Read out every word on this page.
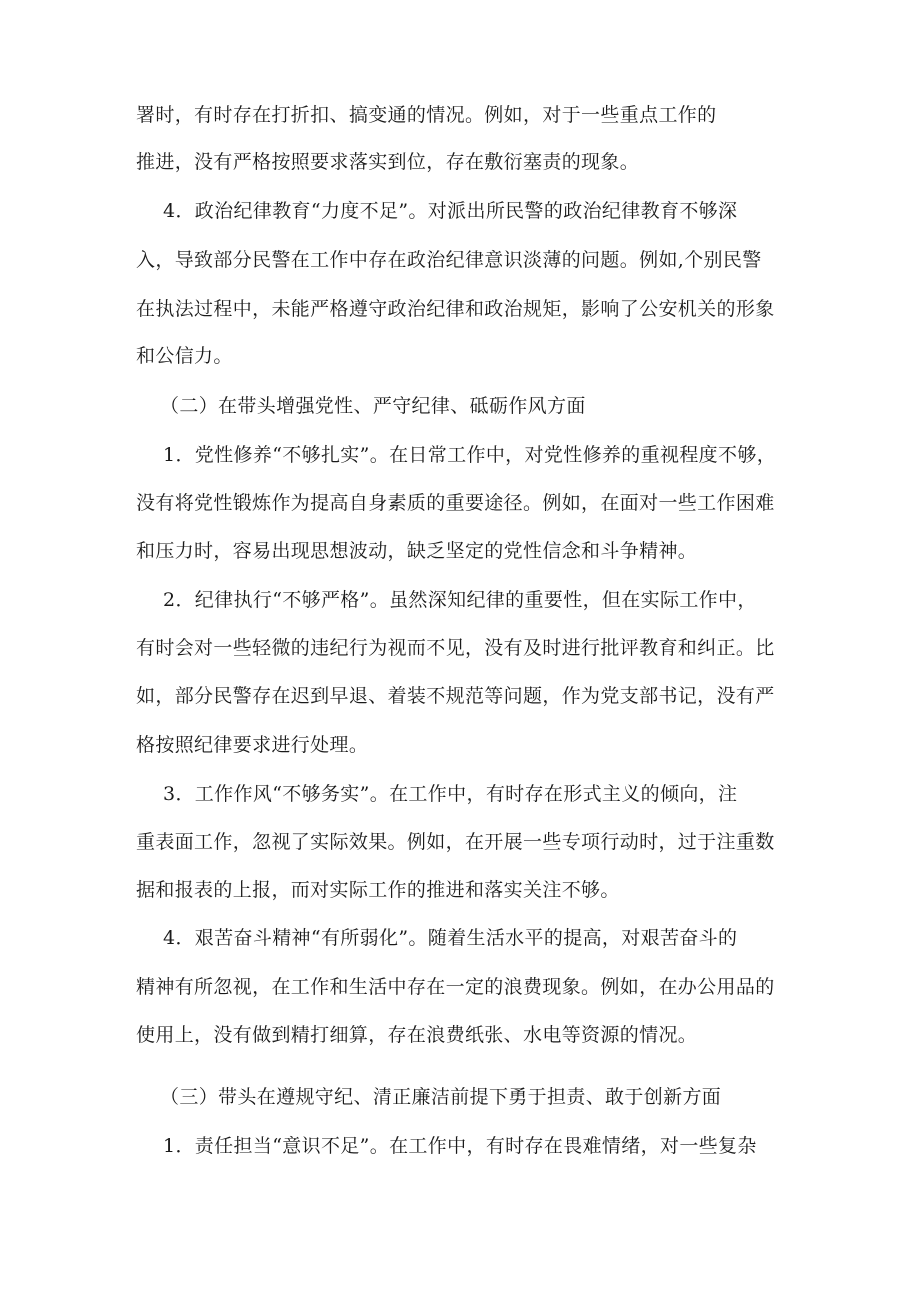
署时，有时存在打折扣、搞变通的情况。例如，对于一些重点工作的
推进，没有严格按照要求落实到位，存在敷衍塞责的现象。
4．政治纪律教育“力度不足”。对派出所民警的政治纪律教育不够深
入，导致部分民警在工作中存在政治纪律意识淡薄的问题。例如,个别民警
在执法过程中，未能严格遵守政治纪律和政治规矩，影响了公安机关的形象
和公信力。
（二）在带头增强党性、严守纪律、砥砺作风方面
1．党性修养“不够扎实”。在日常工作中，对党性修养的重视程度不够，
没有将党性锻炼作为提高自身素质的重要途径。例如，在面对一些工作困难
和压力时，容易出现思想波动，缺乏坚定的党性信念和斗争精神。
2．纪律执行“不够严格”。虽然深知纪律的重要性，但在实际工作中，
有时会对一些轻微的违纪行为视而不见，没有及时进行批评教育和纠正。比
如，部分民警存在迟到早退、着装不规范等问题，作为党支部书记，没有严
格按照纪律要求进行处理。
3．工作作风“不够务实”。在工作中，有时存在形式主义的倾向，注
重表面工作，忽视了实际效果。例如，在开展一些专项行动时，过于注重数
据和报表的上报，而对实际工作的推进和落实关注不够。
4．艰苦奋斗精神“有所弱化”。随着生活水平的提高，对艰苦奋斗的
精神有所忽视，在工作和生活中存在一定的浪费现象。例如，在办公用品的
使用上，没有做到精打细算，存在浪费纸张、水电等资源的情况。
（三）带头在遵规守纪、清正廉洁前提下勇于担责、敢于创新方面
1．责任担当“意识不足”。在工作中，有时存在畏难情绪，对一些复杂
